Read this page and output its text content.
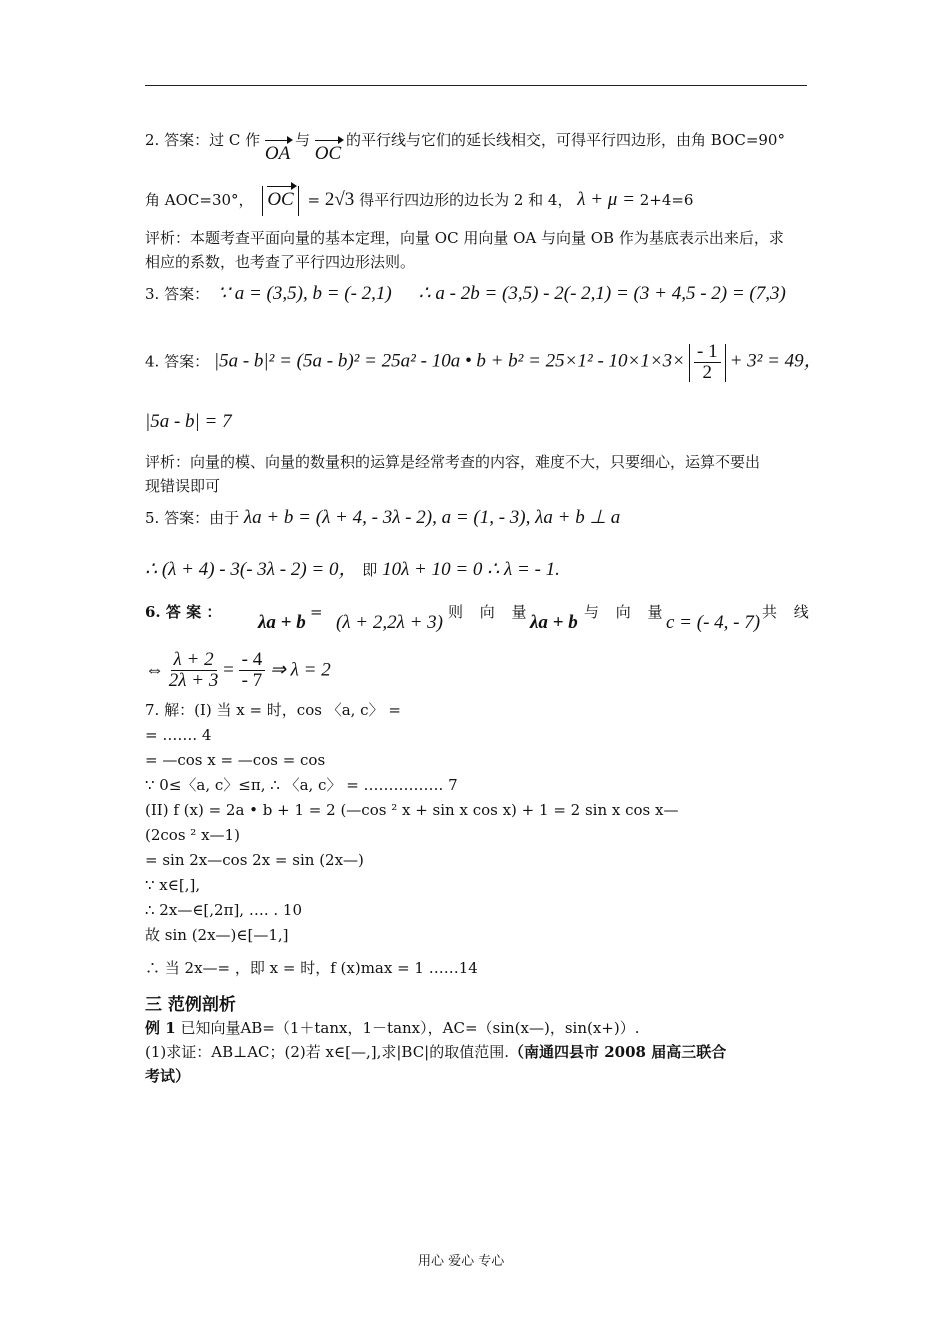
2. 答案：过 C 作 OA 与 OC 的平行线与它们的延长线相交，可得平行四边形，由角 BOC=90°
角 AOC=30°， OC = 2√3 得平行四边形的边长为 2 和 4， λ + μ = 2+4=6
评析：本题考查平面向量的基本定理，向量 OC 用向量 OA 与向量 OB 作为基底表示出来后，求
相应的系数，也考查了平行四边形法则。
3. 答案： ∵ a = (3,5), b = (- 2,1) ∴ a - 2b = (3,5) - 2(- 2,1) = (3 + 4,5 - 2) = (7,3)
4. 答案： |5a - b|² = (5a - b)² = 25a² - 10a • $b + b^2 = 25\times 1^2 - 10\times 1\times 3\times \frac{- 1}{2} + 3^2 = 49$，
|5a - b| = 7
评析：向量的模、向量的数量积的运算是经常考查的内容，难度不大，只要细心，运算不要出
现错误即可
5. 答案：由于 λa + b = (λ + 4, - 3λ - 2), a = (1, - 3), λa + b ⊥ a
∴ (λ + 4) - 3(- 3λ - 2) = 0， 即 10λ + 10 = 0 ∴ λ = - 1.
6. 答 案 ： λa + b = (λ + 2,2λ + 3) 则 向 量
λa + b 与 向 量
c = (- 4, - 7) 共 线
⇔ $\frac{\lambda + 2}{2\lambda + 3} = \frac{- 4}{- 7}$ ⇒ λ = 2
7. 解：(I) 当 x = 时，cos 〈a, c〉 =
= ……. 4
= —cos x = —cos = cos
∵ 0≤〈a, c〉≤π, ∴ 〈a, c〉 = ……………. 7
(II) f (x) = 2a • b + 1 = 2 (—cos ² x + sin x cos x) + 1 = 2 sin x cos x—
(2cos ² x—1)
= sin 2x—cos 2x = sin (2x—)
∵ x∈[,],
∴ 2x—∈[,2π], …. . 10
故 sin (2x—)∈[—1,]
∴ 当 2x—= ，即 x = 时，f (x)max = 1 ……14
三 范例剖析
例 1 已知向量AB=（1＋tanx，1－tanx），AC=（sin(x—)，sin(x+)）.
(1)求证：AB⊥AC；(2)若 x∈[—,],求|BC|的取值范围.（南通四县市 2008 届高三联合
考试）
用心 爱心 专心
